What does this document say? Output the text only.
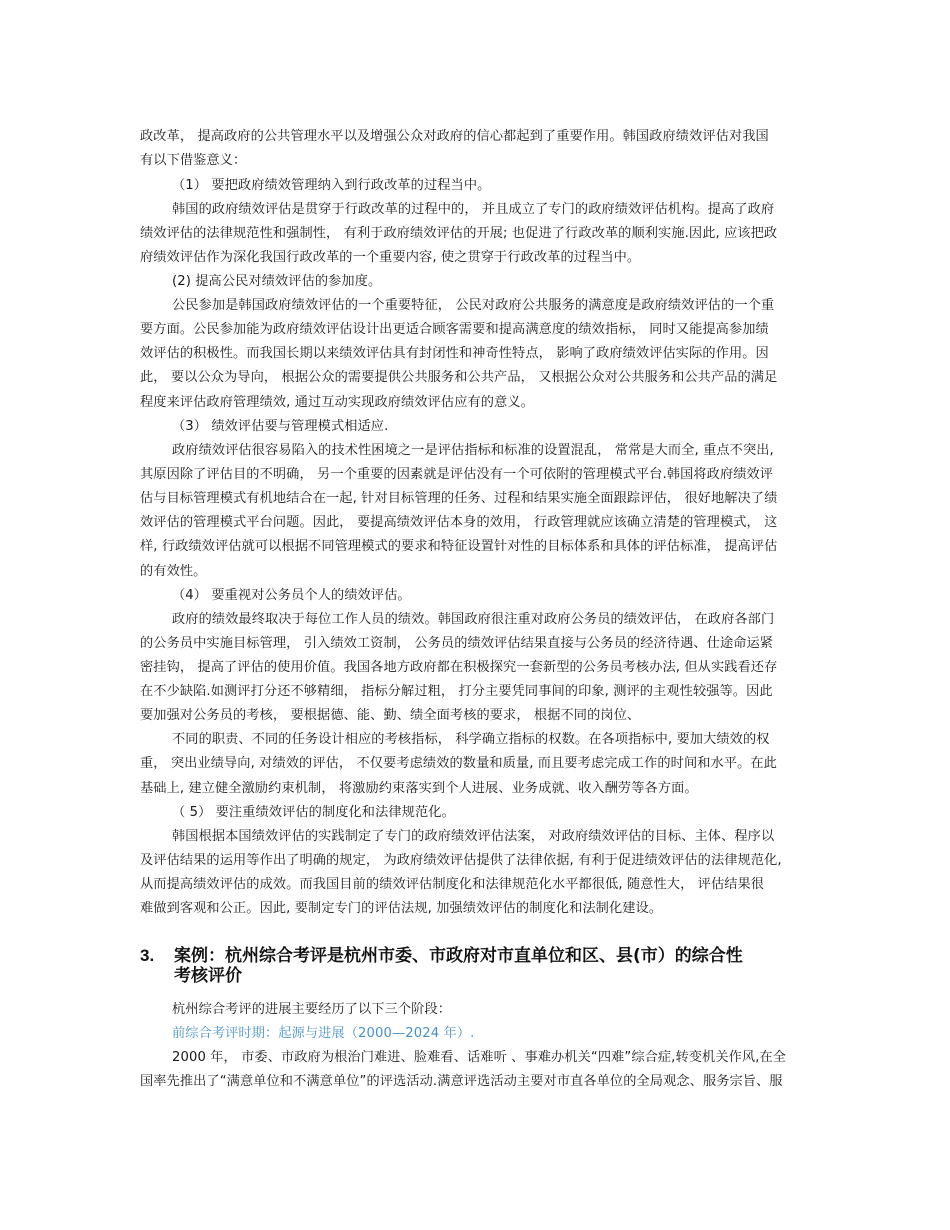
政改革， 提高政府的公共管理水平以及增强公众对政府的信心都起到了重要作用。韩国政府绩效评估对我国
有以下借鉴意义：
（1） 要把政府绩效管理纳入到行政改革的过程当中。
韩国的政府绩效评估是贯穿于行政改革的过程中的， 并且成立了专门的政府绩效评估机构。提高了政府
绩效评估的法律规范性和强制性， 有利于政府绩效评估的开展; 也促进了行政改革的顺利实施.因此, 应该把政
府绩效评估作为深化我国行政改革的一个重要内容, 使之贯穿于行政改革的过程当中。
(2) 提高公民对绩效评估的参加度。
公民参加是韩国政府绩效评估的一个重要特征， 公民对政府公共服务的满意度是政府绩效评估的一个重
要方面。公民参加能为政府绩效评估设计出更适合顾客需要和提高满意度的绩效指标， 同时又能提高参加绩
效评估的积极性。而我国长期以来绩效评估具有封闭性和神奇性特点， 影响了政府绩效评估实际的作用。因
此， 要以公众为导向， 根据公众的需要提供公共服务和公共产品， 又根据公众对公共服务和公共产品的满足
程度来评估政府管理绩效, 通过互动实现政府绩效评估应有的意义。
（3） 绩效评估要与管理模式相适应.
政府绩效评估很容易陷入的技术性困境之一是评估指标和标准的设置混乱， 常常是大而全, 重点不突出,
其原因除了评估目的不明确， 另一个重要的因素就是评估没有一个可依附的管理模式平台.韩国将政府绩效评
估与目标管理模式有机地结合在一起, 针对目标管理的任务、过程和结果实施全面跟踪评估， 很好地解决了绩
效评估的管理模式平台问题。因此， 要提高绩效评估本身的效用， 行政管理就应该确立清楚的管理模式， 这
样, 行政绩效评估就可以根据不同管理模式的要求和特征设置针对性的目标体系和具体的评估标准， 提高评估
的有效性。
（4） 要重视对公务员个人的绩效评估。
政府的绩效最终取决于每位工作人员的绩效。韩国政府很注重对政府公务员的绩效评估， 在政府各部门
的公务员中实施目标管理， 引入绩效工资制， 公务员的绩效评估结果直接与公务员的经济待遇、仕途命运紧
密挂钩， 提高了评估的使用价值。我国各地方政府都在积极探究一套新型的公务员考核办法, 但从实践看还存
在不少缺陷.如测评打分还不够精细， 指标分解过粗， 打分主要凭同事间的印象, 测评的主观性较强等。因此
要加强对公务员的考核， 要根据德、能、勤、绩全面考核的要求， 根据不同的岗位、
不同的职责、不同的任务设计相应的考核指标， 科学确立指标的权数。在各项指标中, 要加大绩效的权
重， 突出业绩导向, 对绩效的评估， 不仅要考虑绩效的数量和质量, 而且要考虑完成工作的时间和水平。在此
基础上, 建立健全激励约束机制， 将激励约束落实到个人进展、业务成就、收入酬劳等各方面。
（ 5） 要注重绩效评估的制度化和法律规范化。
韩国根据本国绩效评估的实践制定了专门的政府绩效评估法案， 对政府绩效评估的目标、主体、程序以
及评估结果的运用等作出了明确的规定， 为政府绩效评估提供了法律依据, 有利于促进绩效评估的法律规范化,
从而提高绩效评估的成效。而我国目前的绩效评估制度化和法律规范化水平都很低, 随意性大， 评估结果很
难做到客观和公正。因此, 要制定专门的评估法规, 加强绩效评估的制度化和法制化建设。
3. 案例：杭州综合考评是杭州市委、市政府对市直单位和区、县(市）的综合性
考核评价
杭州综合考评的进展主要经历了以下三个阶段：
前综合考评时期：起源与进展（2000—2024 年）.
2000 年， 市委、市政府为根治门难进、脸难看、话难听 、事难办机关“四难”综合症,转变机关作风,在全
国率先推出了“满意单位和不满意单位”的评选活动.满意评选活动主要对市直各单位的全局观念、服务宗旨、服
